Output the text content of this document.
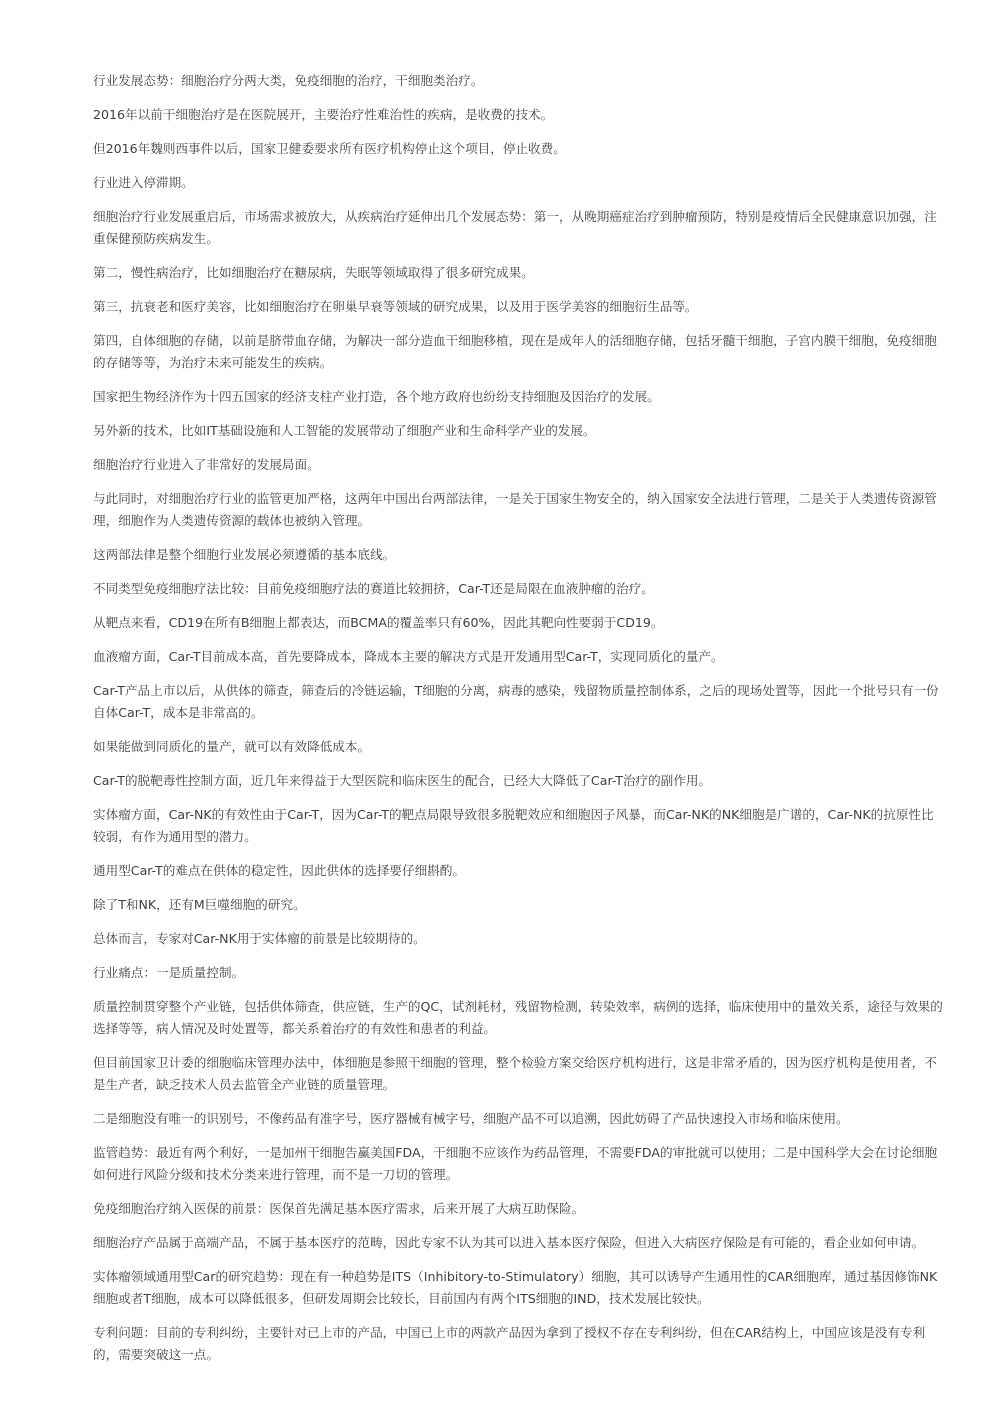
行业发展态势：细胞治疗分两大类，免疫细胞的治疗，干细胞类治疗。

2016年以前干细胞治疗是在医院展开，主要治疗性难治性的疾病，是收费的技术。

但2016年魏则西事件以后，国家卫健委要求所有医疗机构停止这个项目，停止收费。

行业进入停滞期。

细胞治疗行业发展重启后，市场需求被放大，从疾病治疗延伸出几个发展态势：第一，从晚期癌症治疗到肿瘤预防，特别是疫情后全民健康意识加强，注重保健预防疾病发生。

第二，慢性病治疗，比如细胞治疗在糖尿病，失眠等领域取得了很多研究成果。

第三，抗衰老和医疗美容，比如细胞治疗在卵巢早衰等领域的研究成果，以及用于医学美容的细胞衍生品等。

第四，自体细胞的存储，以前是脐带血存储，为解决一部分造血干细胞移植，现在是成年人的活细胞存储，包括牙髓干细胞，子宫内膜干细胞，免疫细胞的存储等等，为治疗未来可能发生的疾病。

国家把生物经济作为十四五国家的经济支柱产业打造，各个地方政府也纷纷支持细胞及因治疗的发展。

另外新的技术，比如IT基础设施和人工智能的发展带动了细胞产业和生命科学产业的发展。

细胞治疗行业进入了非常好的发展局面。

与此同时，对细胞治疗行业的监管更加严格，这两年中国出台两部法律，一是关于国家生物安全的，纳入国家安全法进行管理，二是关于人类遗传资源管理，细胞作为人类遗传资源的载体也被纳入管理。

这两部法律是整个细胞行业发展必须遵循的基本底线。

不同类型免疫细胞疗法比较：目前免疫细胞疗法的赛道比较拥挤，Car-T还是局限在血液肿瘤的治疗。

从靶点来看，CD19在所有B细胞上都表达，而BCMA的覆盖率只有60%，因此其靶向性要弱于CD19。

血液瘤方面，Car-T目前成本高，首先要降成本，降成本主要的解决方式是开发通用型Car-T，实现同质化的量产。

Car-T产品上市以后，从供体的筛查，筛查后的冷链运输，T细胞的分离，病毒的感染，残留物质量控制体系，之后的现场处置等，因此一个批号只有一份自体Car-T，成本是非常高的。

如果能做到同质化的量产，就可以有效降低成本。

Car-T的脱靶毒性控制方面，近几年来得益于大型医院和临床医生的配合，已经大大降低了Car-T治疗的副作用。

实体瘤方面，Car-NK的有效性由于Car-T，因为Car-T的靶点局限导致很多脱靶效应和细胞因子风暴，而Car-NK的NK细胞是广谱的，Car-NK的抗原性比较弱，有作为通用型的潜力。

通用型Car-T的难点在供体的稳定性，因此供体的选择要仔细斟酌。

除了T和NK，还有M巨噬细胞的研究。

总体而言，专家对Car-NK用于实体瘤的前景是比较期待的。

行业痛点：一是质量控制。

质量控制贯穿整个产业链，包括供体筛查，供应链，生产的QC，试剂耗材，残留物检测，转染效率，病例的选择，临床使用中的量效关系，途径与效果的选择等等，病人情况及时处置等，都关系着治疗的有效性和患者的利益。

但目前国家卫计委的细胞临床管理办法中，体细胞是参照干细胞的管理，整个检验方案交给医疗机构进行，这是非常矛盾的，因为医疗机构是使用者，不是生产者，缺乏技术人员去监管全产业链的质量管理。

二是细胞没有唯一的识别号，不像药品有准字号，医疗器械有械字号，细胞产品不可以追溯，因此妨碍了产品快速投入市场和临床使用。

监管趋势：最近有两个利好，一是加州干细胞告赢美国FDA，干细胞不应该作为药品管理，不需要FDA的审批就可以使用；二是中国科学大会在讨论细胞如何进行风险分级和技术分类来进行管理，而不是一刀切的管理。

免疫细胞治疗纳入医保的前景：医保首先满足基本医疗需求，后来开展了大病互助保险。

细胞治疗产品属于高端产品，不属于基本医疗的范畴，因此专家不认为其可以进入基本医疗保险，但进入大病医疗保险是有可能的，看企业如何申请。

实体瘤领域通用型Car的研究趋势：现在有一种趋势是ITS（Inhibitory-to-Stimulatory）细胞，其可以诱导产生通用性的CAR细胞库，通过基因修饰NK细胞或者T细胞，成本可以降低很多，但研发周期会比较长，目前国内有两个ITS细胞的IND，技术发展比较快。

专利问题：目前的专利纠纷，主要针对已上市的产品，中国已上市的两款产品因为拿到了授权不存在专利纠纷，但在CAR结构上，中国应该是没有专利的，需要突破这一点。
